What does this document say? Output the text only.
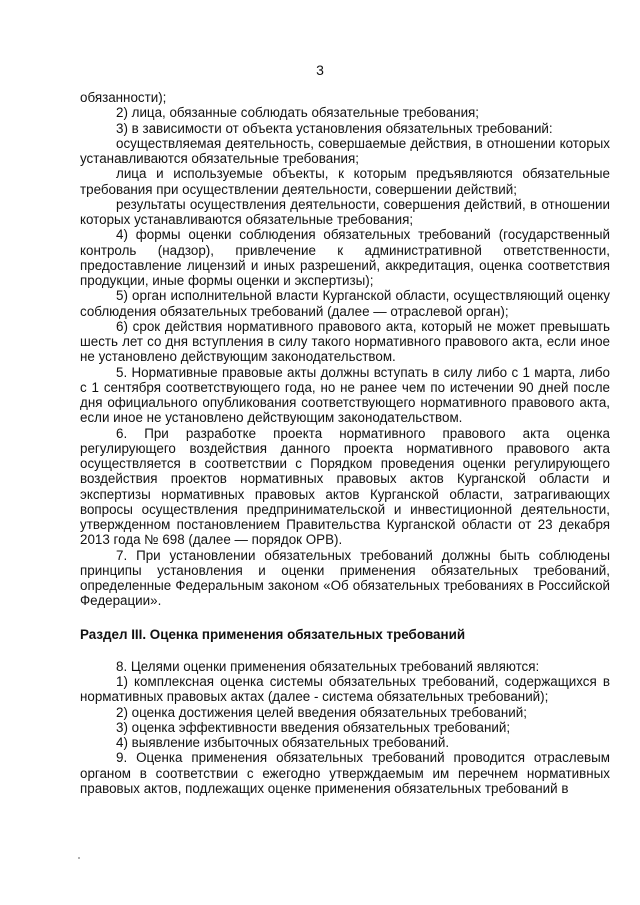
3

обязанности);

2) лица, обязанные соблюдать обязательные требования;

3) в зависимости от объекта установления обязательных требований:

осуществляемая деятельность, совершаемые действия, в отношении которых устанавливаются обязательные требования;

лица и используемые объекты, к которым предъявляются обязательные требования при осуществлении деятельности, совершении действий;

результаты осуществления деятельности, совершения действий, в отношении которых устанавливаются обязательные требования;

4) формы оценки соблюдения обязательных требований (государственный контроль (надзор), привлечение к административной ответственности, предоставление лицензий и иных разрешений, аккредитация, оценка соответствия продукции, иные формы оценки и экспертизы);

5) орган исполнительной власти Курганской области, осуществляющий оценку соблюдения обязательных требований (далее — отраслевой орган);

6) срок действия нормативного правового акта, который не может превышать шесть лет со дня вступления в силу такого нормативного правового акта, если иное не установлено действующим законодательством.

5. Нормативные правовые акты должны вступать в силу либо с 1 марта, либо с 1 сентября соответствующего года, но не ранее чем по истечении 90 дней после дня официального опубликования соответствующего нормативного правового акта, если иное не установлено действующим законодательством.

6. При разработке проекта нормативного правового акта оценка регулирующего воздействия данного проекта нормативного правового акта осуществляется в соответствии с Порядком проведения оценки регулирующего воздействия проектов нормативных правовых актов Курганской области и экспертизы нормативных правовых актов Курганской области, затрагивающих вопросы осуществления предпринимательской и инвестиционной деятельности, утвержденном постановлением Правительства Курганской области от 23 декабря 2013 года № 698 (далее — порядок ОРВ).

7. При установлении обязательных требований должны быть соблюдены принципы установления и оценки применения обязательных требований, определенные Федеральным законом «Об обязательных требованиях в Российской Федерации».

Раздел III. Оценка применения обязательных требований

8. Целями оценки применения обязательных требований являются:

1) комплексная оценка системы обязательных требований, содержащихся в нормативных правовых актах (далее - система обязательных требований);

2) оценка достижения целей введения обязательных требований;

3) оценка эффективности введения обязательных требований;

4) выявление избыточных обязательных требований.

9. Оценка применения обязательных требований проводится отраслевым органом в соответствии с ежегодно утверждаемым им перечнем нормативных правовых актов, подлежащих оценке применения обязательных требований в
